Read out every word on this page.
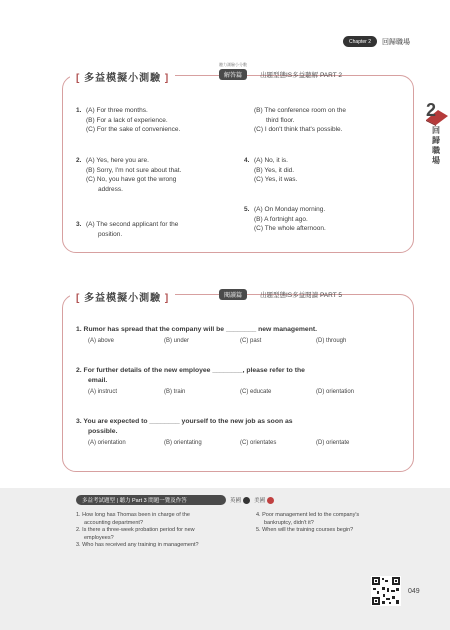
Chapter 2	回歸職場
2
回歸職場
[ 多益模擬小測驗 ]
聽力測驗小分數
解答篇	出題型態IS多益聽解 PART 2
1. (A) For three months.
(B) For a lack of experience.
(C) For the sake of convenience.
2. (A) Yes, here you are.
(B) Sorry, I'm not sure about that.
(C) No, you have got the wrong
address.
3. (A) The second applicant for the
position.
(B) The conference room on the
third floor.
(C) I don't think that's possible.
4. (A) No, it is.
(B) Yes, it did.
(C) Yes, it was.
5. (A) On Monday morning.
(B) A fortnight ago.
(C) The whole afternoon.
[ 多益模擬小測驗 ]	閱讀篇	出題型態IS多益閱讀 PART 5
1. Rumor has spread that the company will be ________ new management.
(A) above	(B) under	(C) past	(D) through
2. For further details of the new employee ________, please refer to the
email.
(A) instruct	(B) train	(C) educate	(D) orientation
3. You are expected to ________ yourself to the new job as soon as
possible.
(A) orientation	(B) orientating	(C) orientates	(D) orientate
多益考試題型 | 聽力 Part 3 問題一覽及作答	英國 美國
1. How long has Thomas been in charge of the
accounting department?
2. Is there a three-week probation period for new
employees?
3. Who has received any training in management?
4. Poor management led to the company's
bankruptcy, didn't it?
5. When will the training courses begin?
049
